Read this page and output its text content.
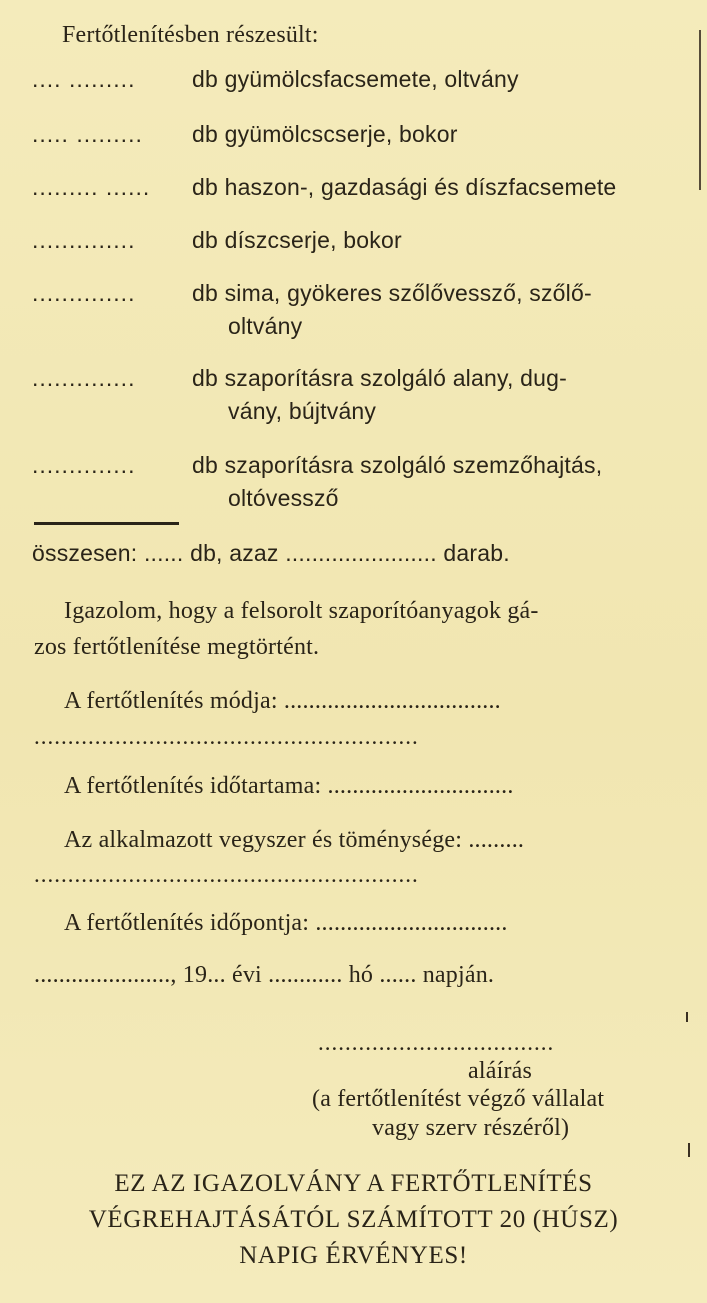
Fertőtlenítésben részesült:
.... ......... db gyümölcsfacsemete, oltvány
..... ......... db gyümölcscserje, bokor
......... ...... db haszon-, gazdasági és díszfacsemete
.............. db díszcserje, bokor
.............. db sima, gyökeres szőlővessző, szőlő-
oltvány
.............. db szaporításra szolgáló alany, dug-
vány, bújtvány
.............. db szaporításra szolgáló szemzőhajtás,
oltóvessző
összesen: ...... db, azaz ....................... darab.
Igazolom, hogy a felsorolt szaporítóanyagok gá-
zos fertőtlenítése megtörtént.
A fertőtlenítés módja: ...................................
.........................................................
A fertőtlenítés időtartama: ..............................
Az alkalmazott vegyszer és töménysége: .........
.........................................................
A fertőtlenítés időpontja: ...............................
......................, 19... évi ............ hó ...... napján.
...................................
aláírás
(a fertőtlenítést végző vállalat
vagy szerv részéről)
EZ AZ IGAZOLVÁNY A FERTŐTLENÍTÉS
VÉGREHAJTÁSÁTÓL SZÁMÍTOTT 20 (HÚSZ)
NAPIG ÉRVÉNYES!
